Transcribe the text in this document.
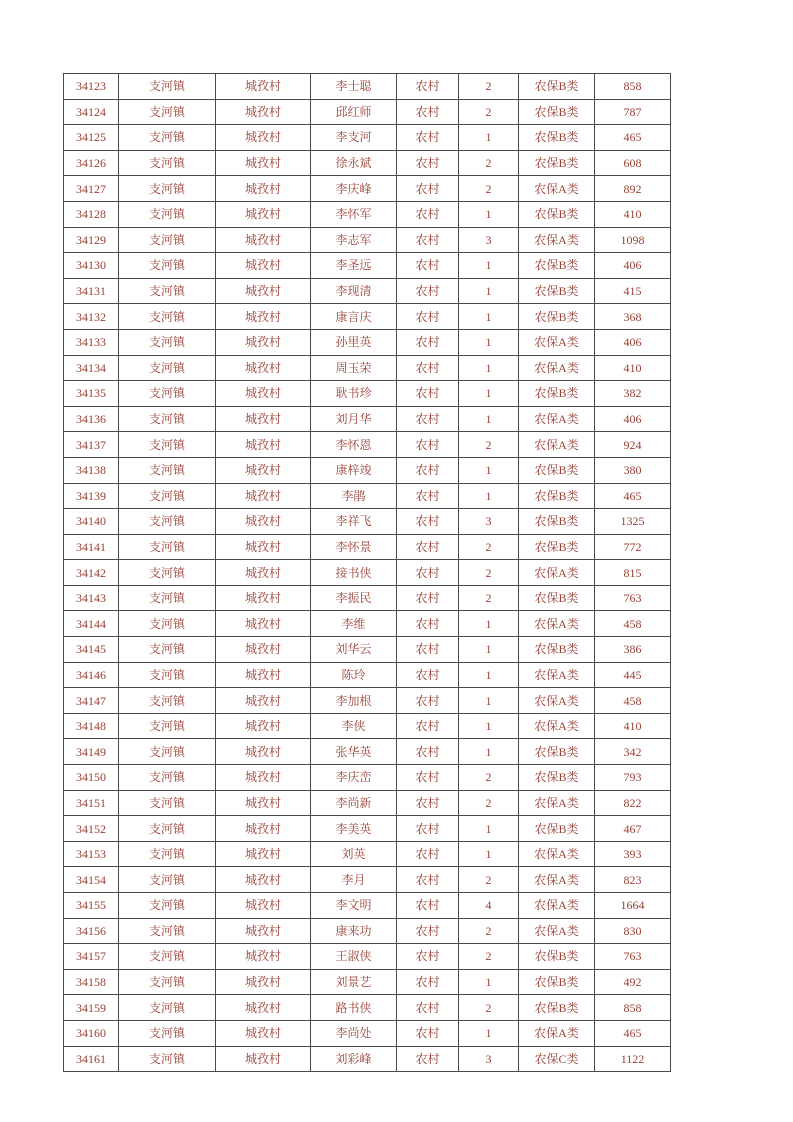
34123	支河镇	城孜村	李士聪	农村	2	农保B类	858
34124	支河镇	城孜村	邱红师	农村	2	农保B类	787
34125	支河镇	城孜村	李支河	农村	1	农保B类	465
34126	支河镇	城孜村	徐永斌	农村	2	农保B类	608
34127	支河镇	城孜村	李庆峰	农村	2	农保A类	892
34128	支河镇	城孜村	李怀军	农村	1	农保B类	410
34129	支河镇	城孜村	李志军	农村	3	农保A类	1098
34130	支河镇	城孜村	李圣远	农村	1	农保B类	406
34131	支河镇	城孜村	李现清	农村	1	农保B类	415
34132	支河镇	城孜村	康言庆	农村	1	农保B类	368
34133	支河镇	城孜村	孙里英	农村	1	农保A类	406
34134	支河镇	城孜村	周玉荣	农村	1	农保A类	410
34135	支河镇	城孜村	耿书珍	农村	1	农保B类	382
34136	支河镇	城孜村	刘月华	农村	1	农保A类	406
34137	支河镇	城孜村	李怀恩	农村	2	农保A类	924
34138	支河镇	城孜村	康梓竣	农村	1	农保B类	380
34139	支河镇	城孜村	李鹃	农村	1	农保B类	465
34140	支河镇	城孜村	李祥飞	农村	3	农保B类	1325
34141	支河镇	城孜村	李怀景	农村	2	农保B类	772
34142	支河镇	城孜村	接书侠	农村	2	农保A类	815
34143	支河镇	城孜村	李振民	农村	2	农保B类	763
34144	支河镇	城孜村	李维	农村	1	农保A类	458
34145	支河镇	城孜村	刘华云	农村	1	农保B类	386
34146	支河镇	城孜村	陈玲	农村	1	农保A类	445
34147	支河镇	城孜村	李加根	农村	1	农保A类	458
34148	支河镇	城孜村	李侠	农村	1	农保A类	410
34149	支河镇	城孜村	张华英	农村	1	农保B类	342
34150	支河镇	城孜村	李庆峦	农村	2	农保B类	793
34151	支河镇	城孜村	李尚新	农村	2	农保A类	822
34152	支河镇	城孜村	李美英	农村	1	农保B类	467
34153	支河镇	城孜村	刘英	农村	1	农保A类	393
34154	支河镇	城孜村	李月	农村	2	农保A类	823
34155	支河镇	城孜村	李文明	农村	4	农保A类	1664
34156	支河镇	城孜村	康来功	农村	2	农保A类	830
34157	支河镇	城孜村	王淑侠	农村	2	农保B类	763
34158	支河镇	城孜村	刘景艺	农村	1	农保B类	492
34159	支河镇	城孜村	路书侠	农村	2	农保B类	858
34160	支河镇	城孜村	李尚处	农村	1	农保A类	465
34161	支河镇	城孜村	刘彩峰	农村	3	农保C类	1122
